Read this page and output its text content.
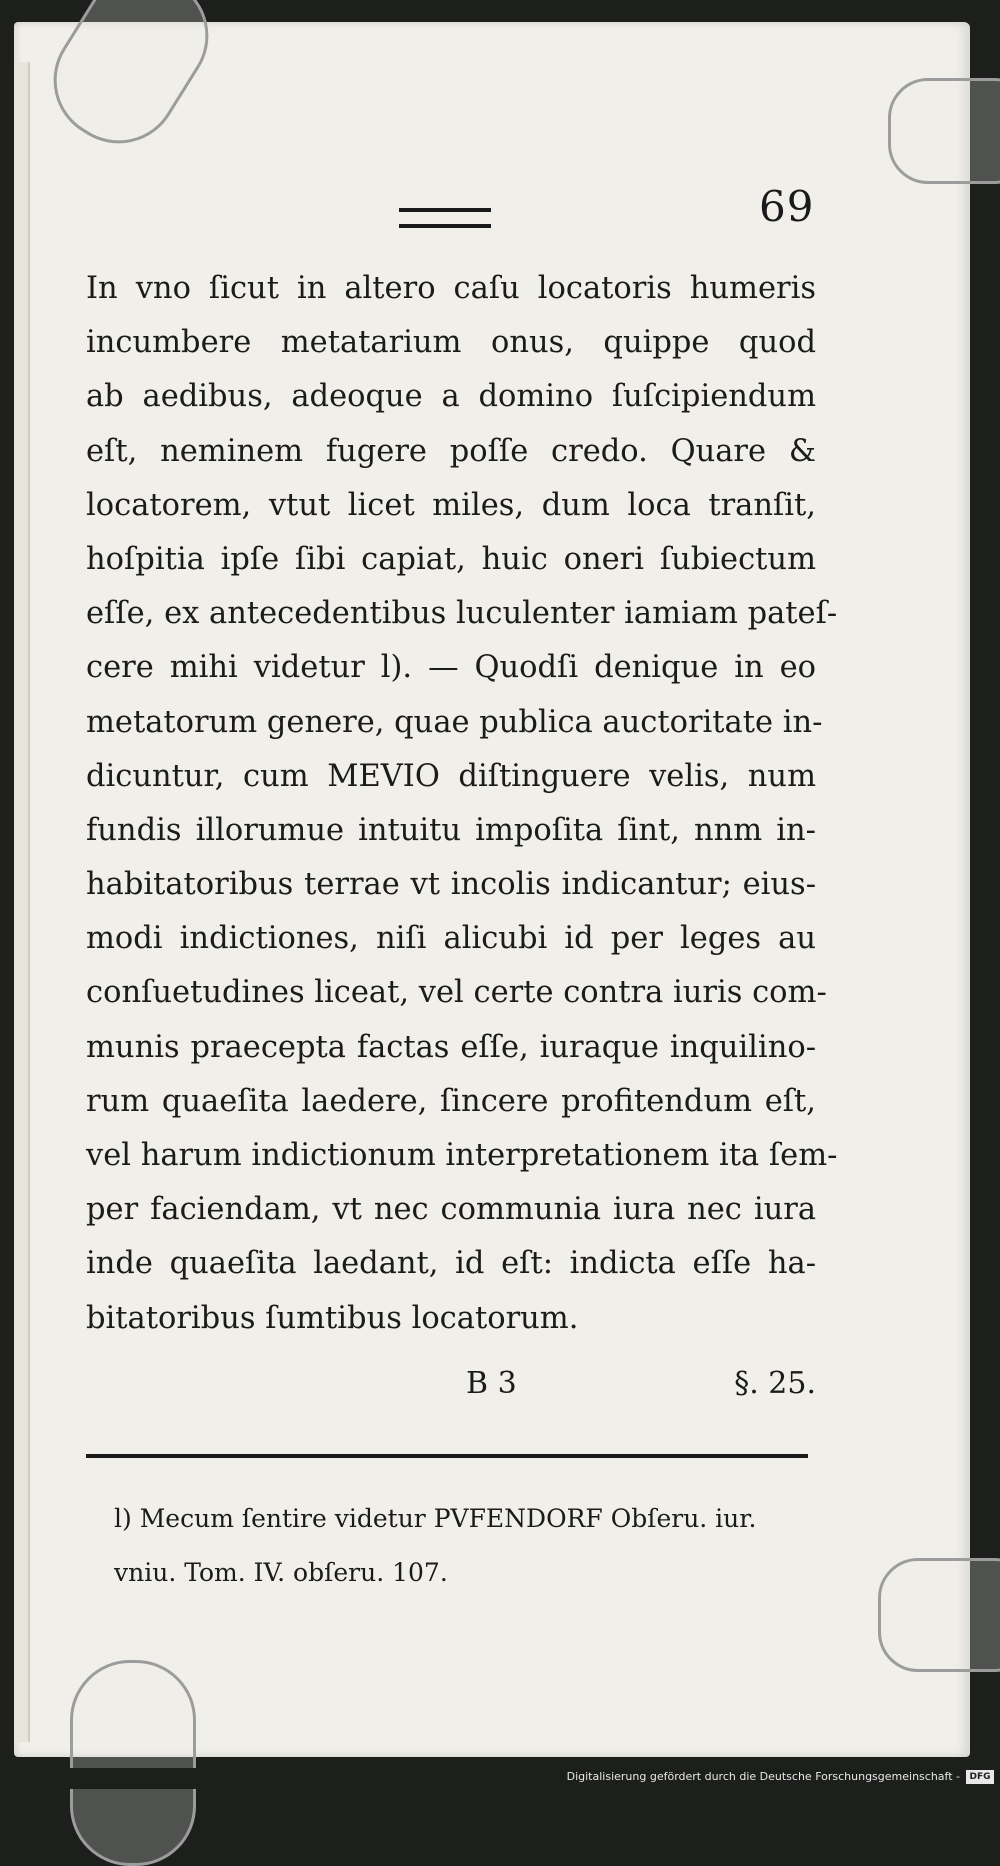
69
In vno ſicut in altero caſu locatoris humeris
incumbere metatarium onus, quippe quod
ab aedibus, adeoque a domino ſuſcipiendum
eſt, neminem fugere poſſe credo. Quare &
locatorem, vtut licet miles, dum loca tranſit,
hoſpitia ipſe ſibi capiat, huic oneri ſubiectum
eſſe, ex antecedentibus luculenter iamiam pateſ-
cere mihi videtur l). — Quodſi denique in eo
metatorum genere, quae publica auctoritate in-
dicuntur, cum MEVIO diſtinguere velis, num
fundis illorumue intuitu impoſita ſint, nnm in-
habitatoribus terrae vt incolis indicantur; eius-
modi indictiones, niſi alicubi id per leges au
conſuetudines liceat, vel certe contra iuris com-
munis praecepta factas eſſe, iuraque inquilino-
rum quaeſita laedere, ſincere profitendum eſt,
vel harum indictionum interpretationem ita ſem-
per faciendam, vt nec communia iura nec iura
inde quaeſita laedant, id eſt: indicta eſſe ha-
bitatoribus ſumtibus locatorum.
B 3	§. 25.
l) Mecum ſentire videtur PVFENDORF Obſeru. iur.
vniu. Tom. IV. obſeru. 107.
Digitalisierung gefördert durch die Deutsche Forschungsgemeinschaft -	DFG
